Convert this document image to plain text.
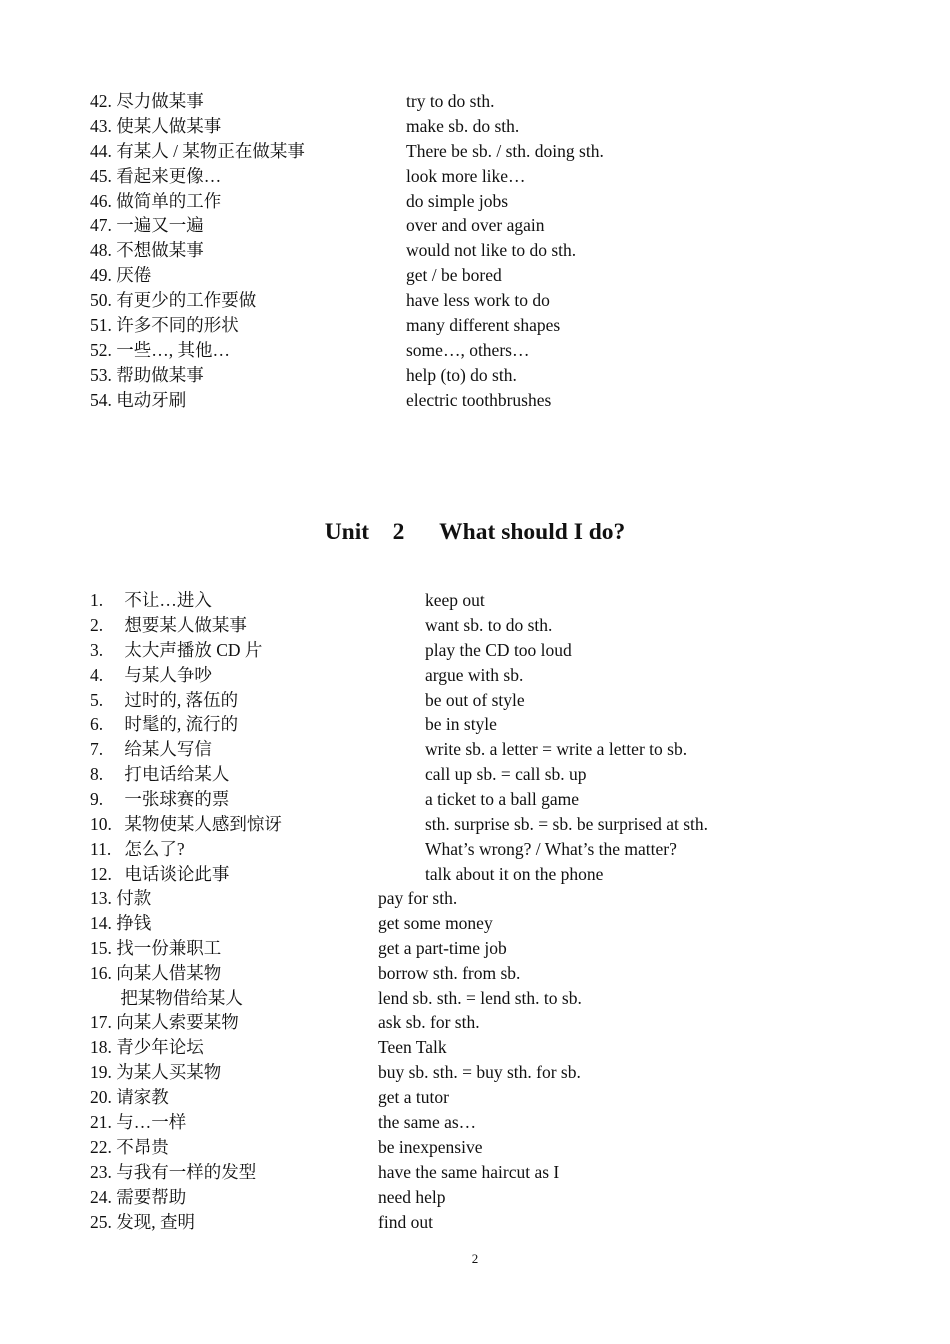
42. 尽力做某事	try to do sth.
43. 使某人做某事	make sb. do sth.
44. 有某人 / 某物正在做某事	There be sb. / sth. doing sth.
45. 看起来更像…	look more like…
46. 做简单的工作	do simple jobs
47. 一遍又一遍	over and over again
48. 不想做某事	would not like to do sth.
49. 厌倦	get / be bored
50. 有更少的工作要做	have less work to do
51. 许多不同的形状	many different shapes
52. 一些…, 其他…	some…, others…
53. 帮助做某事	help (to) do sth.
54. 电动牙刷	electric toothbrushes
Unit    2      What should I do?
1. 不让…进入	keep out
2. 想要某人做某事	want sb. to do sth.
3. 太大声播放 CD 片	play the CD too loud
4. 与某人争吵	argue with sb.
5. 过时的, 落伍的	be out of style
6. 时髦的, 流行的	be in style
7. 给某人写信	write sb. a letter = write a letter to sb.
8. 打电话给某人	call up sb. = call sb. up
9. 一张球赛的票	a ticket to a ball game
10. 某物使某人感到惊讶	sth. surprise sb. = sb. be surprised at sth.
11. 怎么了?	What’s wrong? / What’s the matter?
12. 电话谈论此事	talk about it on the phone
13. 付款	pay for sth.
14. 挣钱	get some money
15. 找一份兼职工	get a part-time job
16. 向某人借某物	borrow sth. from sb.
把某物借给某人	lend sb. sth. = lend sth. to sb.
17. 向某人索要某物	ask sb. for sth.
18. 青少年论坛	Teen Talk
19. 为某人买某物	buy sb. sth. = buy sth. for sb.
20. 请家教	get a tutor
21. 与…一样	the same as…
22. 不昂贵	be inexpensive
23. 与我有一样的发型	have the same haircut as I
24. 需要帮助	need help
25. 发现, 查明	find out
2
